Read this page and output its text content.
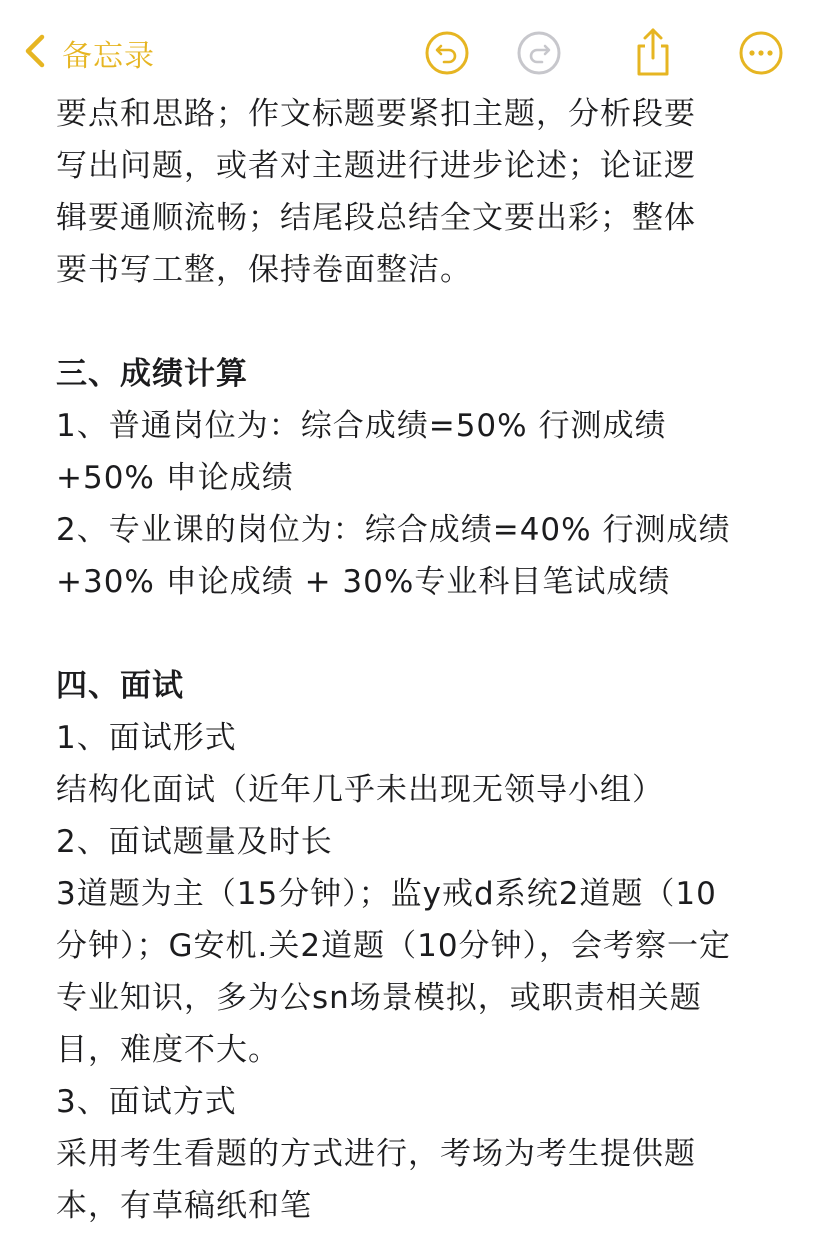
备忘录
要点和思路；作文标题要紧扣主题，分析段要
写出问题，或者对主题进行进步论述；论证逻
辑要通顺流畅；结尾段总结全文要出彩；整体
要书写工整，保持卷面整洁。
三、成绩计算
1、普通岗位为：综合成绩=50% 行测成绩
+50% 申论成绩
2、专业课的岗位为：综合成绩=40% 行测成绩
+30% 申论成绩 + 30%专业科目笔试成绩
四、面试
1、面试形式
结构化面试（近年几乎未出现无领导小组）
2、面试题量及时长
3道题为主（15分钟）；监y戒d系统2道题（10
分钟）；G安机.关2道题（10分钟），会考察一定
专业知识，多为公sn场景模拟，或职责相关题
目，难度不大。
3、面试方式
采用考生看题的方式进行，考场为考生提供题
本，有草稿纸和笔
